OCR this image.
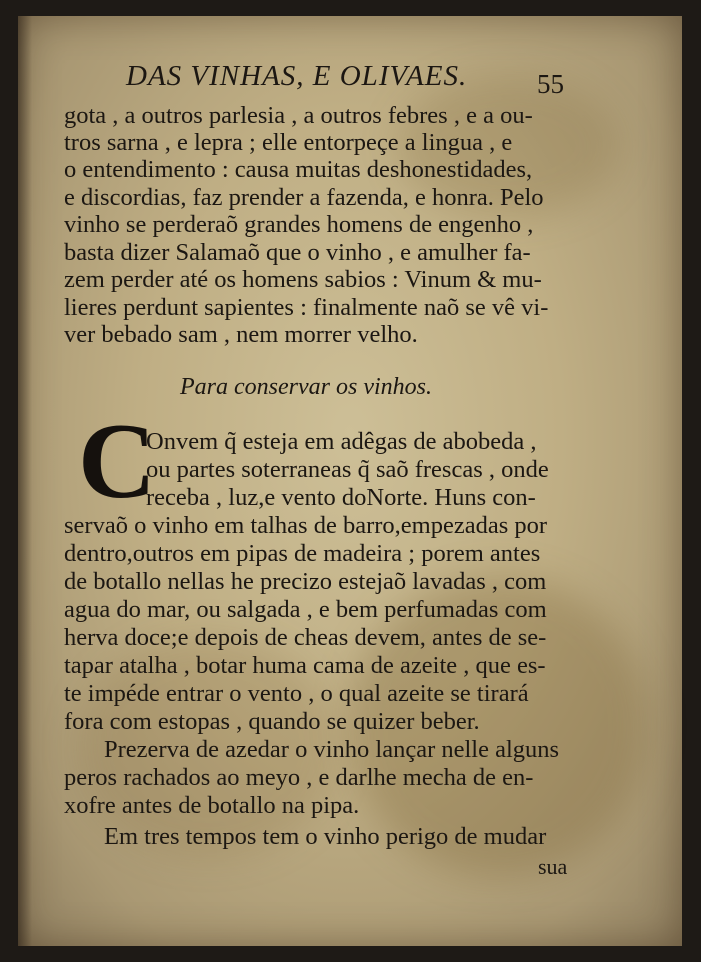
DAS VINHAS, E OLIVAES.	55
gota , a outros parlesia , a outros febres , e a ou-
tros sarna , e lepra ; elle entorpeçe a lingua , e
o entendimento : causa muitas deshonestidades,
e discordias, faz prender a fazenda, e honra. Pelo
vinho se perderaõ grandes homens de engenho ,
basta dizer Salamaõ que o vinho , e amulher fa-
zem perder até os homens sabios : Vinum & mu-
lieres perdunt sapientes : finalmente naõ se vê vi-
ver bebado sam , nem morrer velho.
Para conservar os vinhos.
C
Onvem q̃ esteja em adêgas de abobeda ,
ou partes soterraneas q̃ saõ frescas , onde
receba , luz,e vento doNorte. Huns con-
servaõ o vinho em talhas de barro,empezadas por
dentro,outros em pipas de madeira ; porem antes
de botallo nellas he precizo estejaõ lavadas , com
agua do mar, ou salgada , e bem perfumadas com
herva doce;e depois de cheas devem, antes de se-
tapar atalha , botar huma cama de azeite , que es-
te impéde entrar o vento , o qual azeite se tirará
fora com estopas , quando se quizer beber.
Prezerva de azedar o vinho lançar nelle alguns
peros rachados ao meyo , e darlhe mecha de en-
xofre antes de botallo na pipa.
Em tres tempos tem o vinho perigo de mudar
sua
